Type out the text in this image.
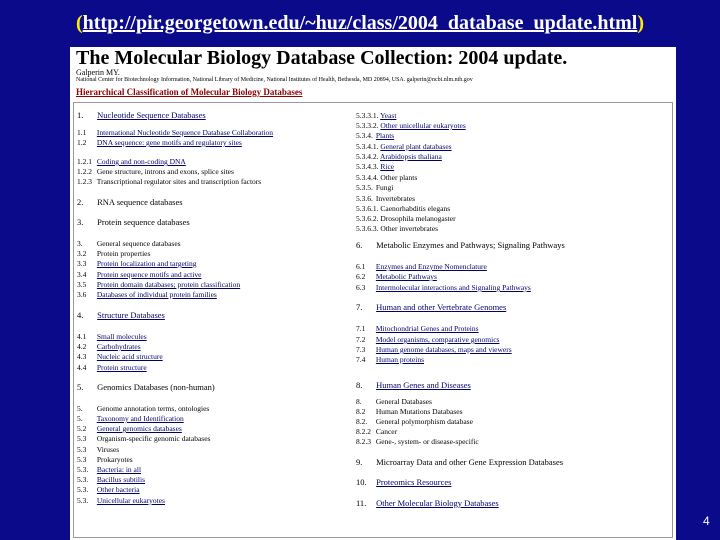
(http://pir.georgetown.edu/~huz/class/2004_database_update.html)
The Molecular Biology Database Collection: 2004 update.
Galperin MY.
National Center for Biotechnology Information, National Library of Medicine, National Institutes of Health, Bethesda, MD 20894, USA. galperin@ncbi.nlm.nih.gov
Hierarchical Classification of Molecular Biology Databases
1. Nucleotide Sequence Databases
1.1 International Nucleotide Sequence Database Collaboration
1.2 DNA sequence: gene motifs and regulatory sites
1.2.1 Coding and non-coding DNA
1.2.2 Gene structure, introns and exons, splice sites
1.2.3 Transcriptional regulator sites and transcription factors
2. RNA sequence databases
3. Protein sequence databases
3. General sequence databases
3.2 Protein properties
3.3 Protein localization and targeting
3.4 Protein sequence motifs and active
3.5 Protein domain databases; protein classification
3.6 Databases of individual protein families
4. Structure Databases
4.1 Small molecules
4.2 Carbohydrates
4.3 Nucleic acid structure
4.4 Protein structure
5. Genomics Databases (non-human)
5. Genome annotation terms, ontologies
5. Taxonomy and Identification
5.2 General genomics databases
5.3 Organism-specific genomic databases
5.3 Viruses
5.3 Prokaryotes
5.3. Bacteria: in all
5.3. Bacillus subtilis
5.3. Other bacteria
5.3. Unicellular eukaryotes
5.3.3.1. Yeast
5.3.3.2. Other unicellular eukaryotes
5.3.4. Plants
5.3.4.1. General plant databases
5.3.4.2. Arabidopsis thaliana
5.3.4.3. Rice
5.3.4.4. Other plants
5.3.5. Fungi
5.3.6. Invertebrates
5.3.6.1. Caenorhabditis elegans
5.3.6.2. Drosophila melanogaster
5.3.6.3. Other invertebrates
6. Metabolic Enzymes and Pathways; Signaling Pathways
6.1 Enzymes and Enzyme Nomenclature
6.2 Metabolic Pathways
6.3 Intermolecular interactions and Signaling Pathways
7. Human and other Vertebrate Genomes
7.1 Mitochondrial Genes and Proteins
7.2 Model organisms, comparative genomics
7.3 Human genome databases, maps and viewers
7.4 Human proteins
8. Human Genes and Diseases
8. General Databases
8.2 Human Mutations Databases
8.2. General polymorphism database
8.2.2 Cancer
8.2.3 Gene-, system- or disease-specific
9. Microarray Data and other Gene Expression Databases
10. Proteomics Resources
11. Other Molecular Biology Databases
4
